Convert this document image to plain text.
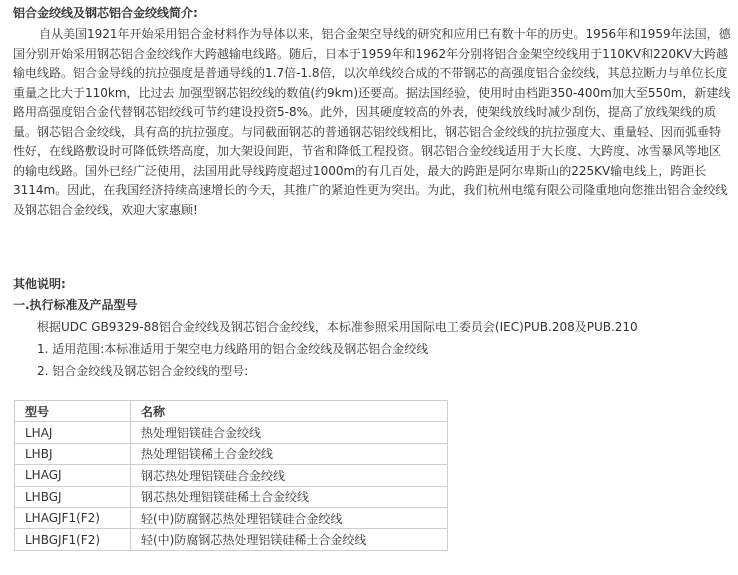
铝合金绞线及钢芯铝合金绞线简介:

自从美国1921年开始采用铝合金材料作为导体以来，铝合金架空导线的研究和应用已有数十年的历史。1956年和1959年法国，德国分别开始采用钢芯铝合金绞线作大跨越输电线路。随后，日本于1959年和1962年分别将铝合金架空绞线用于110KV和220KV大跨越输电线路。铝合金导线的抗拉强度是普通导线的1.7倍-1.8倍，以次单线绞合成的不带钢芯的高强度铝合金绞线，其总拉断力与单位长度重量之比大于110km，比过去 加强型钢芯铝绞线的数值(约9km)还要高。据法国经验，使用时由档距350-400m加大至550m，新建线路用高强度铝合金代替钢芯铝绞线可节约建设投资5-8%。此外，因其硬度较高的外表，使架线放线时减少刮伤，提高了放线架线的质量。钢芯铝合金绞线，具有高的抗拉强度。与同截面钢芯的普通钢芯铝绞线相比，钢芯铝合金绞线的抗拉强度大、重量轻、因而弧垂特性好，在线路敷设时可降低铁塔高度，加大架设间距，节省和降低工程投资。钢芯铝合金绞线适用于大长度、大跨度、冰雪暴风等地区的输电线路。国外已经广泛使用，法国用此导线跨度超过1000m的有几百处，最大的跨距是阿尔卑斯山的225KV输电线上，跨距长3114m。因此，在我国经济持续高速增长的今天，其推广的紧迫性更为突出。为此，我们杭州电缆有限公司隆重地向您推出铝合金绞线及钢芯铝合金绞线，欢迎大家惠顾!

其他说明:
一.执行标准及产品型号

根据UDC GB9329-88铝合金绞线及钢芯铝合金绞线，本标准参照采用国际电工委员会(IEC)PUB.208及PUB.210

1. 适用范围:本标准适用于架空电力线路用的铝合金绞线及钢芯铝合金绞线

2. 铝合金绞线及钢芯铝合金绞线的型号:

型号	名称
LHAJ	热处理铝镁硅合金绞线
LHBJ	热处理铝镁稀土合金绞线
LHAGJ	钢芯热处理铝镁硅合金绞线
LHBGJ	钢芯热处理铝镁硅稀土合金绞线
LHAGJF1(F2)	轻(中)防腐钢芯热处理铝镁硅合金绞线
LHBGJF1(F2)	轻(中)防腐钢芯热处理铝镁硅稀土合金绞线
